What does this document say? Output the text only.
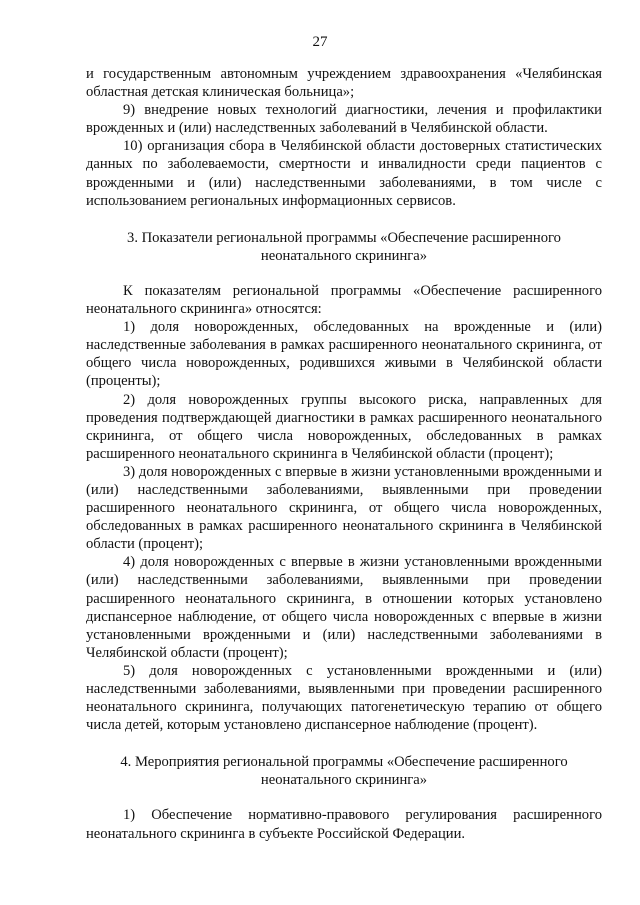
27

и государственным автономным учреждением здравоохранения «Челябинская областная детская клиническая больница»;

9) внедрение новых технологий диагностики, лечения и профилактики врожденных и (или) наследственных заболеваний в Челябинской области.

10) организация сбора в Челябинской области достоверных статистических данных по заболеваемости, смертности и инвалидности среди пациентов с врожденными и (или) наследственными заболеваниями, в том числе с использованием региональных информационных сервисов.

3. Показатели региональной программы «Обеспечение расширенного
неонатального скрининга»

К показателям региональной программы «Обеспечение расширенного неонатального скрининга» относятся:

1) доля новорожденных, обследованных на врожденные и (или) наследственные заболевания в рамках расширенного неонатального скрининга, от общего числа новорожденных, родившихся живыми в Челябинской области (проценты);

2) доля новорожденных группы высокого риска, направленных для проведения подтверждающей диагностики в рамках расширенного неонатального скрининга, от общего числа новорожденных, обследованных в рамках расширенного неонатального скрининга в Челябинской области (процент);

3) доля новорожденных с впервые в жизни установленными врожденными и (или) наследственными заболеваниями, выявленными при проведении расширенного неонатального скрининга, от общего числа новорожденных, обследованных в рамках расширенного неонатального скрининга в Челябинской области (процент);

4) доля новорожденных с впервые в жизни установленными врожденными (или) наследственными заболеваниями, выявленными при проведении расширенного неонатального скрининга, в отношении которых установлено диспансерное наблюдение, от общего числа новорожденных с впервые в жизни установленными врожденными и (или) наследственными заболеваниями в Челябинской области (процент);

5) доля новорожденных с установленными врожденными и (или) наследственными заболеваниями, выявленными при проведении расширенного неонатального скрининга, получающих патогенетическую терапию от общего числа детей, которым установлено диспансерное наблюдение (процент).

4. Мероприятия региональной программы «Обеспечение расширенного
неонатального скрининга»

1) Обеспечение нормативно-правового регулирования расширенного неонатального скрининга в субъекте Российской Федерации.
